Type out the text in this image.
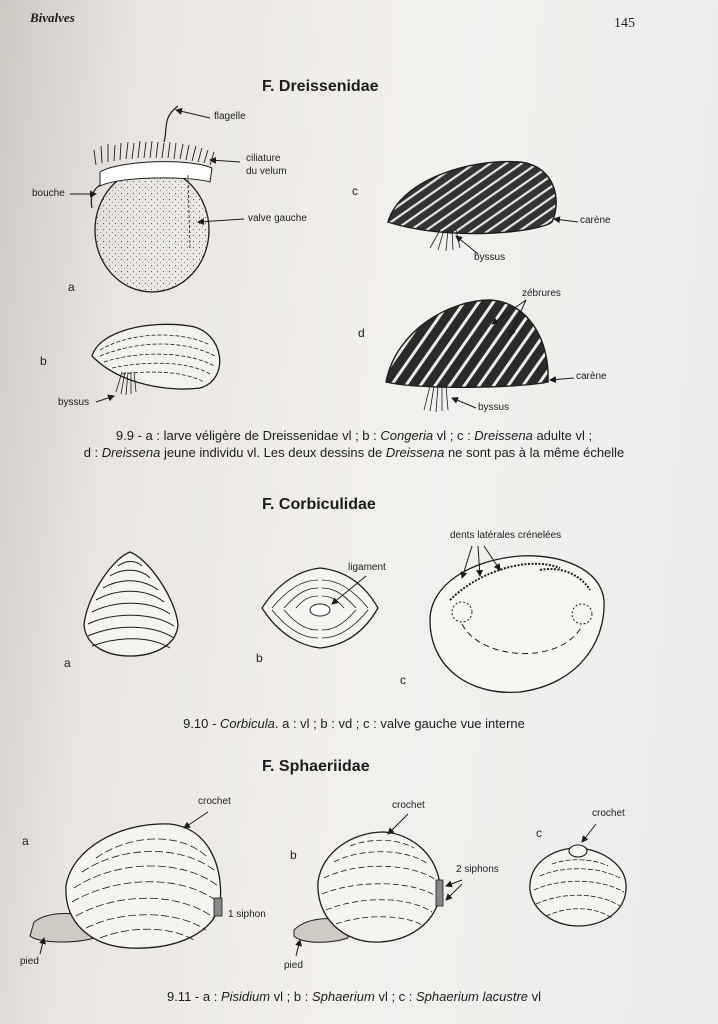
Bivalves	145
F. Dreissenidae
flagelle
ciliature
du velum
bouche
valve gauche
a
b
byssus
c
carène
byssus
zébrures
d
carène
byssus
9.9 - a : larve véligère de Dreissenidae vl ; b : Congeria vl ; c : Dreissena adulte vl ;
d : Dreissena jeune individu vl. Les deux dessins de Dreissena ne sont pas à la même échelle
F. Corbiculidae
dents latérales crénelées
ligament
a	b
c
9.10 - Corbicula. a : vl ; b : vd ; c : valve gauche vue interne
F. Sphaeriidae
crochet	crochet
crochet
a
b
c
2 siphons
1 siphon
pied	pied
9.11 - a : Pisidium vl ; b : Sphaerium vl ; c : Sphaerium lacustre vl
